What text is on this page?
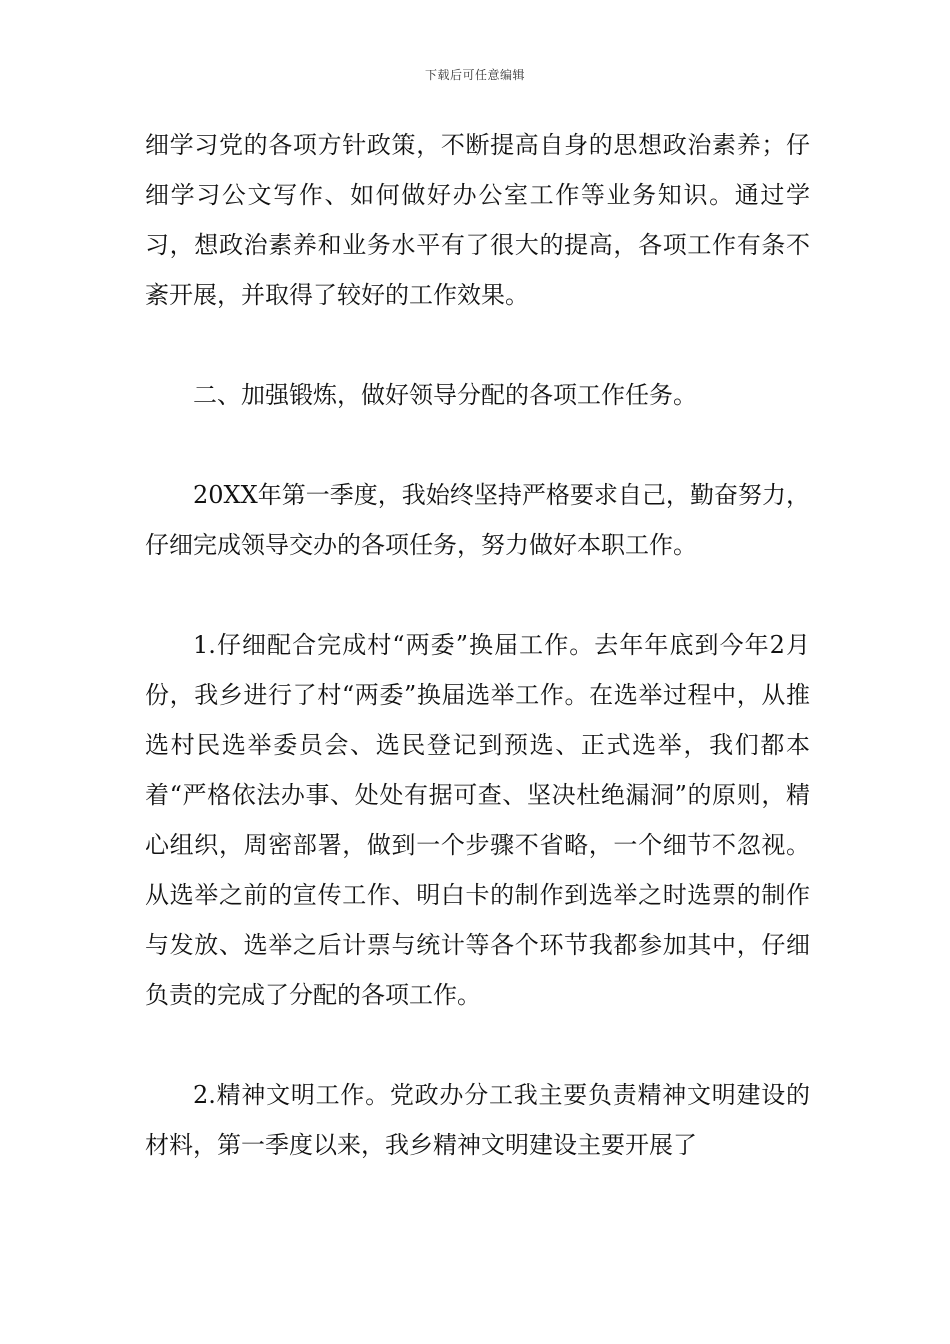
下载后可任意编辑

细学习党的各项方针政策，不断提高自身的思想政治素养；仔细学习公文写作、如何做好办公室工作等业务知识。通过学习，想政治素养和业务水平有了很大的提高，各项工作有条不紊开展，并取得了较好的工作效果。

二、加强锻炼，做好领导分配的各项工作任务。

20XX年第一季度，我始终坚持严格要求自己，勤奋努力，仔细完成领导交办的各项任务，努力做好本职工作。

1.仔细配合完成村“两委”换届工作。去年年底到今年2月份，我乡进行了村“两委”换届选举工作。在选举过程中，从推选村民选举委员会、选民登记到预选、正式选举，我们都本着“严格依法办事、处处有据可查、坚决杜绝漏洞”的原则，精心组织，周密部署，做到一个步骤不省略，一个细节不忽视。从选举之前的宣传工作、明白卡的制作到选举之时选票的制作与发放、选举之后计票与统计等各个环节我都参加其中，仔细负责的完成了分配的各项工作。

2.精神文明工作。党政办分工我主要负责精神文明建设的材料，第一季度以来，我乡精神文明建设主要开展了
